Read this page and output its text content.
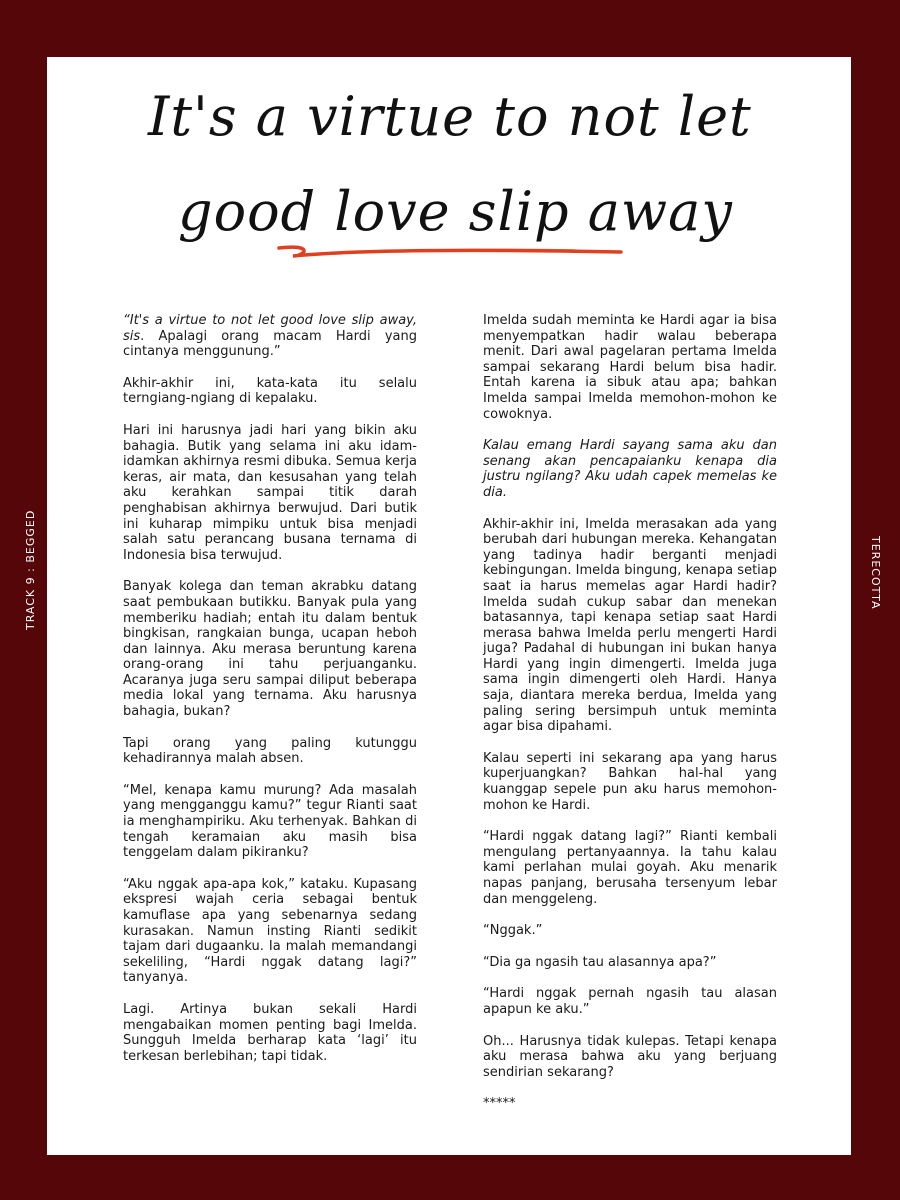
It's a virtue to not let
good love slip away
TRACK 9 : BEGGED	TERECOTTA

“It's a virtue to not let good love slip away, sis. Apalagi orang macam Hardi yang cintanya menggunung.”

Akhir-akhir ini, kata-kata itu selalu terngiang-ngiang di kepalaku.

Hari ini harusnya jadi hari yang bikin aku bahagia. Butik yang selama ini aku idam-idamkan akhirnya resmi dibuka. Semua kerja keras, air mata, dan kesusahan yang telah aku kerahkan sampai titik darah penghabisan akhirnya berwujud. Dari butik ini kuharap mimpiku untuk bisa menjadi salah satu perancang busana ternama di Indonesia bisa terwujud.

Banyak kolega dan teman akrabku datang saat pembukaan butikku. Banyak pula yang memberiku hadiah; entah itu dalam bentuk bingkisan, rangkaian bunga, ucapan heboh dan lainnya. Aku merasa beruntung karena orang-orang ini tahu perjuanganku. Acaranya juga seru sampai diliput beberapa media lokal yang ternama. Aku harusnya bahagia, bukan?

Tapi orang yang paling kutunggu kehadirannya malah absen.

“Mel, kenapa kamu murung? Ada masalah yang mengganggu kamu?” tegur Rianti saat ia menghampiriku. Aku terhenyak. Bahkan di tengah keramaian aku masih bisa tenggelam dalam pikiranku?

“Aku nggak apa-apa kok,” kataku. Kupasang ekspresi wajah ceria sebagai bentuk kamuflase apa yang sebenarnya sedang kurasakan. Namun insting Rianti sedikit tajam dari dugaanku. Ia malah memandangi sekeliling, “Hardi nggak datang lagi?” tanyanya.

Lagi. Artinya bukan sekali Hardi mengabaikan momen penting bagi Imelda. Sungguh Imelda berharap kata ‘lagi’ itu terkesan berlebihan; tapi tidak.

Imelda sudah meminta ke Hardi agar ia bisa menyempatkan hadir walau beberapa menit. Dari awal pagelaran pertama Imelda sampai sekarang Hardi belum bisa hadir. Entah karena ia sibuk atau apa; bahkan Imelda sampai Imelda memohon-mohon ke cowoknya.

Kalau emang Hardi sayang sama aku dan senang akan pencapaianku kenapa dia justru ngilang? Aku udah capek memelas ke dia.

Akhir-akhir ini, Imelda merasakan ada yang berubah dari hubungan mereka. Kehangatan yang tadinya hadir berganti menjadi kebingungan. Imelda bingung, kenapa setiap saat ia harus memelas agar Hardi hadir? Imelda sudah cukup sabar dan menekan batasannya, tapi kenapa setiap saat Hardi merasa bahwa Imelda perlu mengerti Hardi juga? Padahal di hubungan ini bukan hanya Hardi yang ingin dimengerti. Imelda juga sama ingin dimengerti oleh Hardi. Hanya saja, diantara mereka berdua, Imelda yang paling sering bersimpuh untuk meminta agar bisa dipahami.

Kalau seperti ini sekarang apa yang harus kuperjuangkan? Bahkan hal-hal yang kuanggap sepele pun aku harus memohon-mohon ke Hardi.

“Hardi nggak datang lagi?” Rianti kembali mengulang pertanyaannya. Ia tahu kalau kami perlahan mulai goyah. Aku menarik napas panjang, berusaha tersenyum lebar dan menggeleng.

“Nggak.”

“Dia ga ngasih tau alasannya apa?”

“Hardi nggak pernah ngasih tau alasan apapun ke aku.”

Oh... Harusnya tidak kulepas. Tetapi kenapa aku merasa bahwa aku yang berjuang sendirian sekarang?

*****
